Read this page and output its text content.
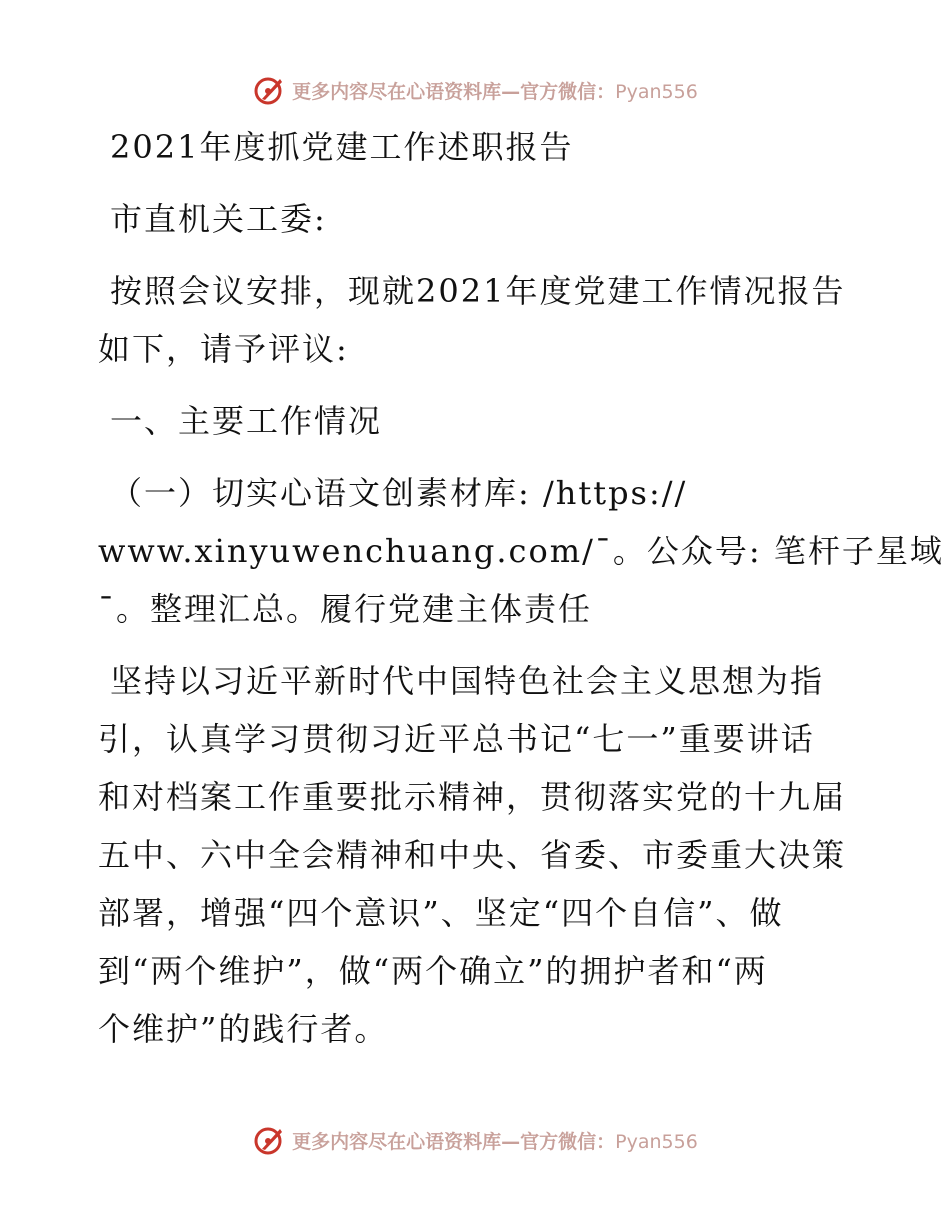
更多内容尽在心语资料库—官方微信：Pyan556
2021年度抓党建工作述职报告
市直机关工委:
按照会议安排，现就2021年度党建工作情况报告
如下，请予评议:
一、主要工作情况
（一）切实心语文创素材库: /https://
www.xinyuwenchuang.com/¯。公众号: 笔杆子星域
¯。整理汇总。履行党建主体责任
坚持以习近平新时代中国特色社会主义思想为指
引，认真学习贯彻习近平总书记“七一”重要讲话
和对档案工作重要批示精神，贯彻落实党的十九届
五中、六中全会精神和中央、省委、市委重大决策
部署，增强“四个意识”、坚定“四个自信”、做
到“两个维护”，做“两个确立”的拥护者和“两
个维护”的践行者。
更多内容尽在心语资料库—官方微信：Pyan556
